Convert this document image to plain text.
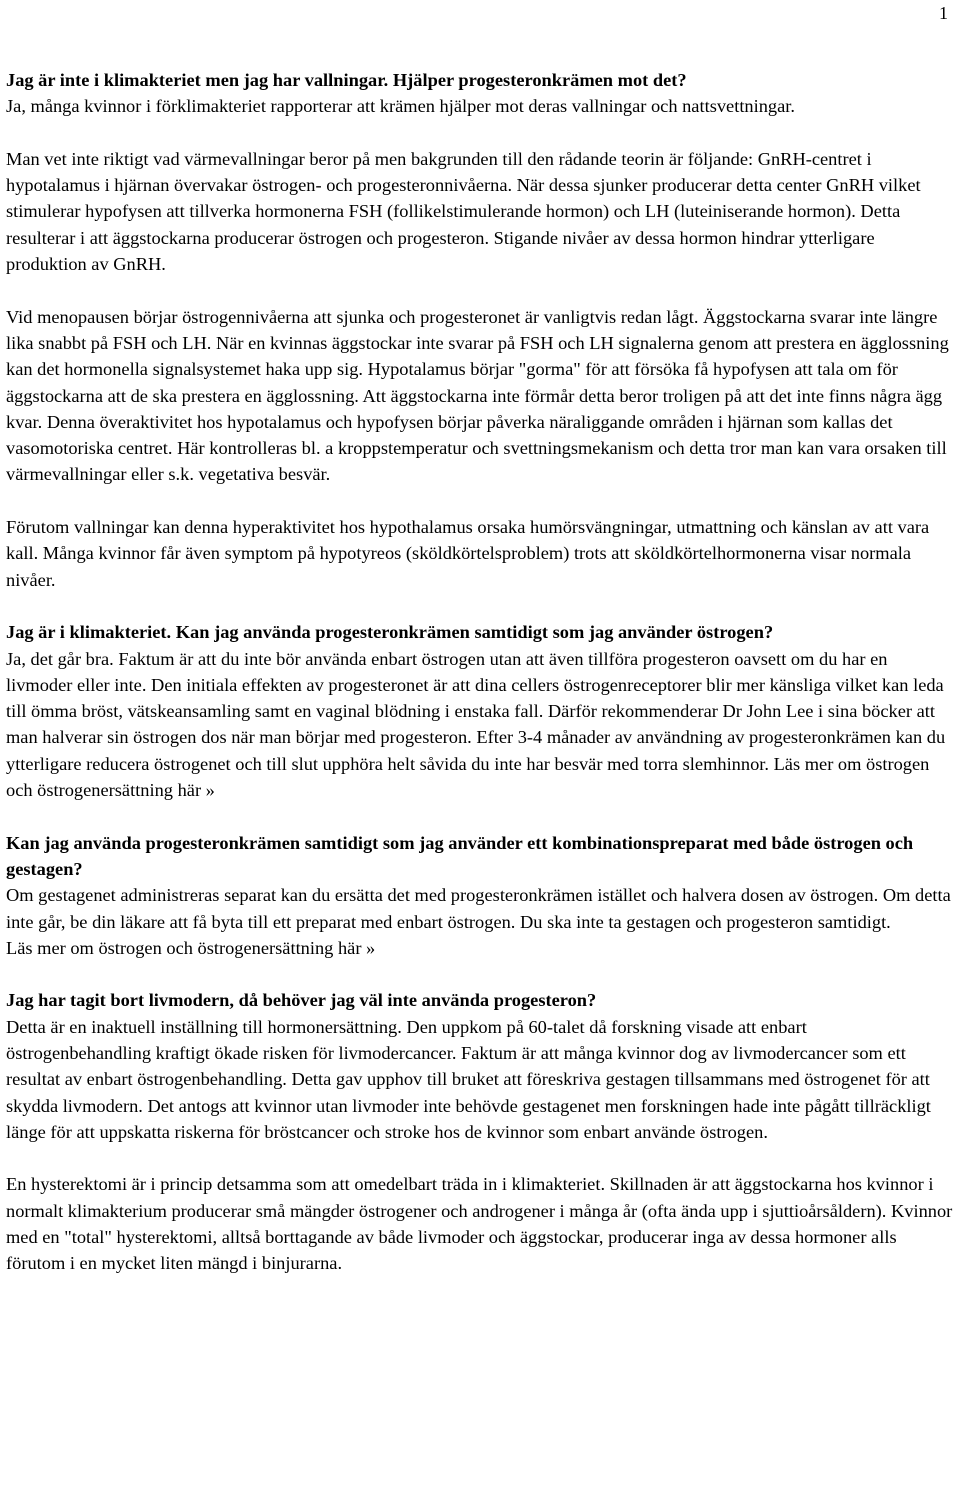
1

Jag är inte i klimakteriet men jag har vallningar. Hjälper progesteronkrämen mot det?
Ja, många kvinnor i förklimakteriet rapporterar att krämen hjälper mot deras vallningar och nattsvettningar.

Man vet inte riktigt vad värmevallningar beror på men bakgrunden till den rådande teorin är följande: GnRH-centret i hypotalamus i hjärnan övervakar östrogen- och progesteronnivåerna. När dessa sjunker producerar detta center GnRH vilket stimulerar hypofysen att tillverka hormonerna FSH (follikelstimulerande hormon) och LH (luteiniserande hormon). Detta resulterar i att äggstockarna producerar östrogen och progesteron. Stigande nivåer av dessa hormon hindrar ytterligare produktion av GnRH.

Vid menopausen börjar östrogennivåerna att sjunka och progesteronet är vanligtvis redan lågt. Äggstockarna svarar inte längre lika snabbt på FSH och LH. När en kvinnas äggstockar inte svarar på FSH och LH signalerna genom att prestera en ägglossning kan det hormonella signalsystemet haka upp sig. Hypotalamus börjar "gorma" för att försöka få hypofysen att tala om för äggstockarna att de ska prestera en ägglossning. Att äggstockarna inte förmår detta beror troligen på att det inte finns några ägg kvar. Denna överaktivitet hos hypotalamus och hypofysen börjar påverka näraliggande områden i hjärnan som kallas det vasomotoriska centret. Här kontrolleras bl. a kroppstemperatur och svettningsmekanism och detta tror man kan vara orsaken till värmevallningar eller s.k. vegetativa besvär.

Förutom vallningar kan denna hyperaktivitet hos hypothalamus orsaka humörsvängningar, utmattning och känslan av att vara kall. Många kvinnor får även symptom på hypotyreos (sköldkörtelsproblem) trots att sköldkörtelhormonerna visar normala nivåer.

Jag är i klimakteriet. Kan jag använda progesteronkrämen samtidigt som jag använder östrogen?
Ja, det går bra. Faktum är att du inte bör använda enbart östrogen utan att även tillföra progesteron oavsett om du har en livmoder eller inte. Den initiala effekten av progesteronet är att dina cellers östrogenreceptorer blir mer känsliga vilket kan leda till ömma bröst, vätskeansamling samt en vaginal blödning i enstaka fall. Därför rekommenderar Dr John Lee i sina böcker att man halverar sin östrogen dos när man börjar med progesteron. Efter 3-4 månader av användning av progesteronkrämen kan du ytterligare reducera östrogenet och till slut upphöra helt såvida du inte har besvär med torra slemhinnor. Läs mer om östrogen och östrogenersättning här »

Kan jag använda progesteronkrämen samtidigt som jag använder ett kombinationspreparat med både östrogen och gestagen?
Om gestagenet administreras separat kan du ersätta det med progesteronkrämen istället och halvera dosen av östrogen. Om detta inte går, be din läkare att få byta till ett preparat med enbart östrogen. Du ska inte ta gestagen och progesteron samtidigt.
Läs mer om östrogen och östrogenersättning här »

Jag har tagit bort livmodern, då behöver jag väl inte använda progesteron?
Detta är en inaktuell inställning till hormonersättning. Den uppkom på 60-talet då forskning visade att enbart östrogenbehandling kraftigt ökade risken för livmodercancer. Faktum är att många kvinnor dog av livmodercancer som ett resultat av enbart östrogenbehandling. Detta gav upphov till bruket att föreskriva gestagen tillsammans med östrogenet för att skydda livmodern. Det antogs att kvinnor utan livmoder inte behövde gestagenet men forskningen hade inte pågått tillräckligt länge för att uppskatta riskerna för bröstcancer och stroke hos de kvinnor som enbart använde östrogen.

En hysterektomi är i princip detsamma som att omedelbart träda in i klimakteriet. Skillnaden är att äggstockarna hos kvinnor i normalt klimakterium producerar små mängder östrogener och androgener i många år (ofta ända upp i sjuttioårsåldern). Kvinnor med en "total" hysterektomi, alltså borttagande av både livmoder och äggstockar, producerar inga av dessa hormoner alls förutom i en mycket liten mängd i binjurarna.
